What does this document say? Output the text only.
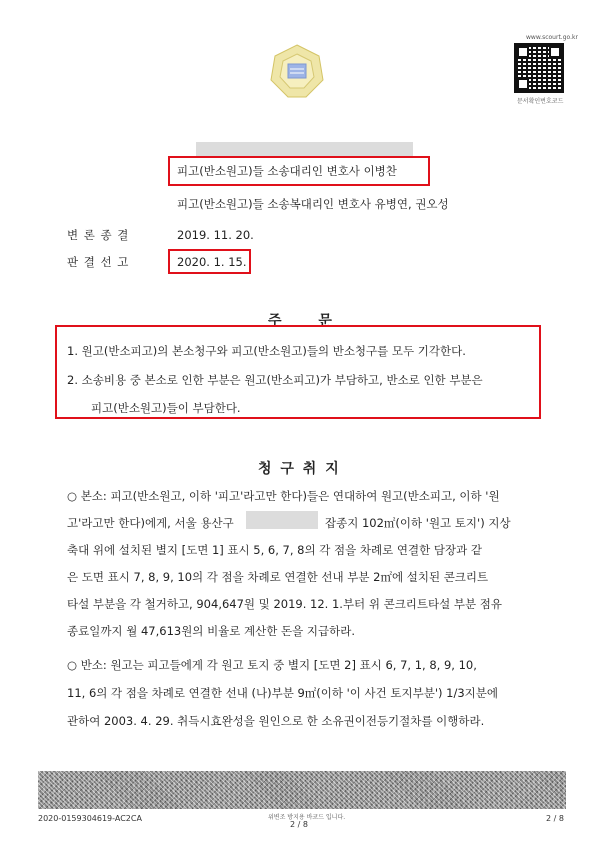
www.scourt.go.kr
문서확인번호코드
피고(반소원고)들 소송대리인 변호사 이병찬
피고(반소원고)들 소송복대리인 변호사 유병연, 권오성
변 론 종 결	2019. 11. 20.
판 결 선 고	2020. 1. 15.
주 문
1. 원고(반소피고)의 본소청구와 피고(반소원고)들의 반소청구를 모두 기각한다.
2. 소송비용 중 본소로 인한 부분은 원고(반소피고)가 부담하고, 반소로 인한 부분은
피고(반소원고)들이 부담한다.
청 구 취 지
○ 본소: 피고(반소원고, 이하 '피고'라고만 한다)들은 연대하여 원고(반소피고, 이하 '원
고'라고만 한다)에게, 서울 용산구	잡종지 102㎡(이하 '원고 토지') 지상
축대 위에 설치된 별지 [도면 1] 표시 5, 6, 7, 8의 각 점을 차례로 연결한 담장과 같
은 도면 표시 7, 8, 9, 10의 각 점을 차례로 연결한 선내 부분 2㎡에 설치된 콘크리트
타설 부분을 각 철거하고, 904,647원 및 2019. 12. 1.부터 위 콘크리트타설 부분 점유
종료일까지 월 47,613원의 비율로 계산한 돈을 지급하라.
○ 반소: 원고는 피고들에게 각 원고 토지 중 별지 [도면 2] 표시 6, 7, 1, 8, 9, 10,
11, 6의 각 점을 차례로 연결한 선내 (나)부분 9㎡(이하 '이 사건 토지부분') 1/3지분에
관하여 2003. 4. 29. 취득시효완성을 원인으로 한 소유권이전등기절차를 이행하라.
2020-0159304619-AC2CA	위변조 방지용 바코드 입니다.
2 / 8
2 / 8
